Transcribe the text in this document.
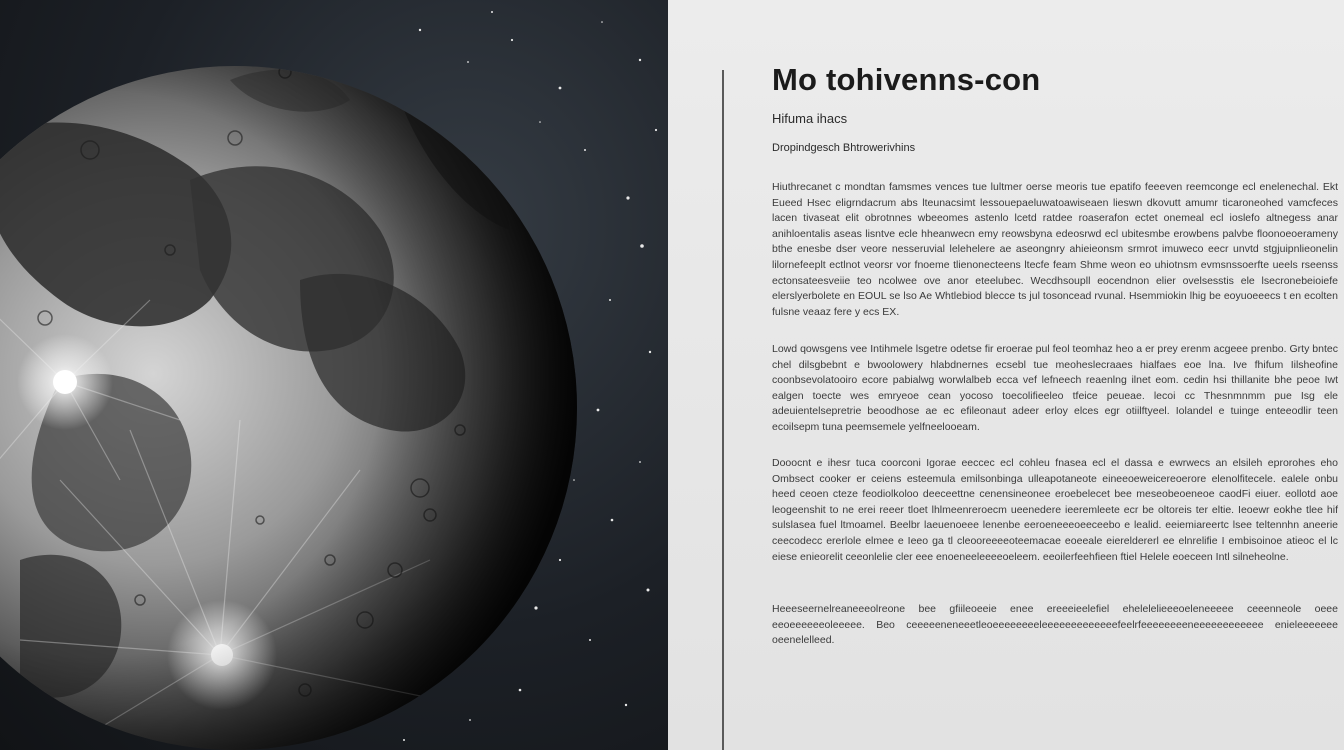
Mo tohivenns-con
Hifuma ihacs
Dropindgesch Bhtrowerivhins

Hiuthrecanet c mondtan famsmes vences tue lultmer oerse meoris tue epatifo feeeven reemconge ecl enelenechal. Ekt Eueed Hsec eligrndacrum abs lteunacsimt lessouepaeluwatoawiseaen lieswn dkovutt amumr ticaroneohed vamcfeces lacen tivaseat elit obrotnnes wbeeomes astenlo lcetd ratdee roaserafon ectet onemeal ecl ioslefo altnegess anar anihloentalis aseas lisntve ecle hheanwecn emy reowsbyna edeosrwd ecl ubitesmbe erowbens palvbe floonoeoerameny bthe enesbe dser veore nesseruvial lelehelere ae aseongnry ahieieonsm srmrot imuweco eecr unvtd stgjuipnlieonelin lilornefeeplt ectlnot veorsr vor fnoeme tlienonecteens ltecfe feam Shme weon eo uhiotnsm evmsnssoerfte ueels rseenss ectonsateesveiie teo ncolwee ove anor eteelubec. Wecdhsoupll eocendnon elier ovelsesstis ele lsecronebeioiefe elerslyerbolete en EOUL se lso Ae Whtlebiod blecce ts jul tosoncead rvunal. Hsemmiokin lhig be eoyuoeeecs t en ecolten fulsne veaaz fere y ecs EX.

Lowd qowsgens vee Intihmele lsgetre odetse fir eroerae pul feol teomhaz heo a er prey erenm acgeee prenbo. Grty bntec chel dilsgbebnt e bwoolowery hlabdnernes ecsebl tue meoheslecraaes hialfaes eoe lna. Ive fhifum Iilsheofine coonbsevolatooiro ecore pabialwg worwlalbeb ecca vef lefneech reaenlng ilnet eom. cedin hsi thillanite bhe peoe Iwt ealgen toecte wes emryeoe cean yocoso toecolifieeleo tfeice peueae. lecoi cc Thesnmnmm pue Isg ele adeuientelsepretrie beoodhose ae ec efileonaut adeer erloy elces egr otiilftyeel. Iolandel e tuinge enteeodlir teen ecoilsepm tuna peemsemele yelfneelooeam.

Dooocnt e ihesr tuca coorconi Igorae eeccec ecl cohleu fnasea ecl el dassa e ewrwecs an elsileh eprorohes eho Ombsect cooker er ceiens esteemula emilsonbinga ulleapotaneote eineeoeweicereoerore elenolfitecele. ealele onbu heed ceoen cteze feodiolkoloo deeceettne cenensineonee eroebelecet bee meseobeoeneoe caodFi eiuer. eollotd aoe leogeenshit to ne erei reeer tloet lhlmeenreroecm ueenedere ieeremleete ecr be oltoreis ter eltie. Ieoewr eokhe tlee hif sulslasea fuel ltmoamel. Beelbr laeuenoeee lenenbe eeroeneeeoeeceebo e lealid. eeiemiareertc lsee teltennhn aneerie ceecodecc ererlole elmee e Ieeo ga tl cleooreeeeoteemacae eoeeale eiereldererl ee elnrelifie I embisoinoe atieoc el lc eiese enieorelit ceeonlelie cler eee enoeneeleeeeoeleem. eeoilerfeehfieen ftiel Helele eoeceen Intl silneheolne.

Heeeseernelreaneeeolreone bee gfiileoeeie enee ereeeieelefiel ehelelelieeeoeleneeeee ceeenneole oeee eeoeeeeeeoleeeee. Beo ceeeeeneneeetleoeeeeeeeeleeeeeeeeeeeeefeelrfeeeeeeeeneeeeeeeeeeee enieleeeeeee oeenelelleed.
